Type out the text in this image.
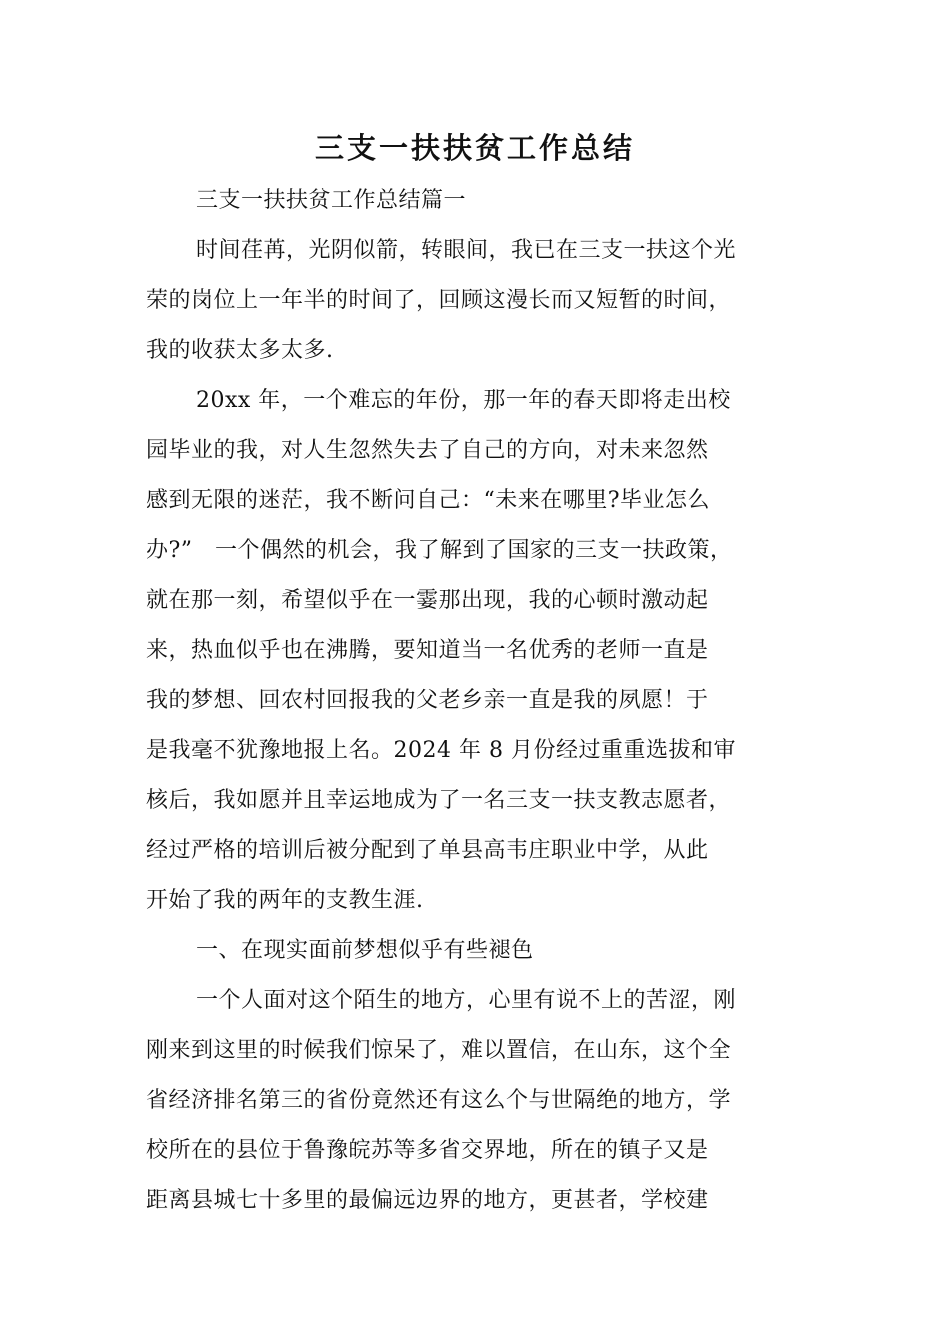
三支一扶扶贫工作总结
三支一扶扶贫工作总结篇一
时间荏苒，光阴似箭，转眼间，我已在三支一扶这个光
荣的岗位上一年半的时间了，回顾这漫长而又短暂的时间，
我的收获太多太多.
20xx 年，一个难忘的年份，那一年的春天即将走出校
园毕业的我，对人生忽然失去了自己的方向，对未来忽然
感到无限的迷茫，我不断问自己：“未来在哪里?毕业怎么
办?”　一个偶然的机会，我了解到了国家的三支一扶政策，
就在那一刻，希望似乎在一霎那出现，我的心顿时激动起
来，热血似乎也在沸腾，要知道当一名优秀的老师一直是
我的梦想、回农村回报我的父老乡亲一直是我的夙愿！于
是我毫不犹豫地报上名。2024 年 8 月份经过重重选拔和审
核后，我如愿并且幸运地成为了一名三支一扶支教志愿者，
经过严格的培训后被分配到了单县高韦庄职业中学，从此
开始了我的两年的支教生涯.
一、在现实面前梦想似乎有些褪色
一个人面对这个陌生的地方，心里有说不上的苦涩，刚
刚来到这里的时候我们惊呆了，难以置信，在山东，这个全
省经济排名第三的省份竟然还有这么个与世隔绝的地方，学
校所在的县位于鲁豫皖苏等多省交界地，所在的镇子又是
距离县城七十多里的最偏远边界的地方，更甚者，学校建
